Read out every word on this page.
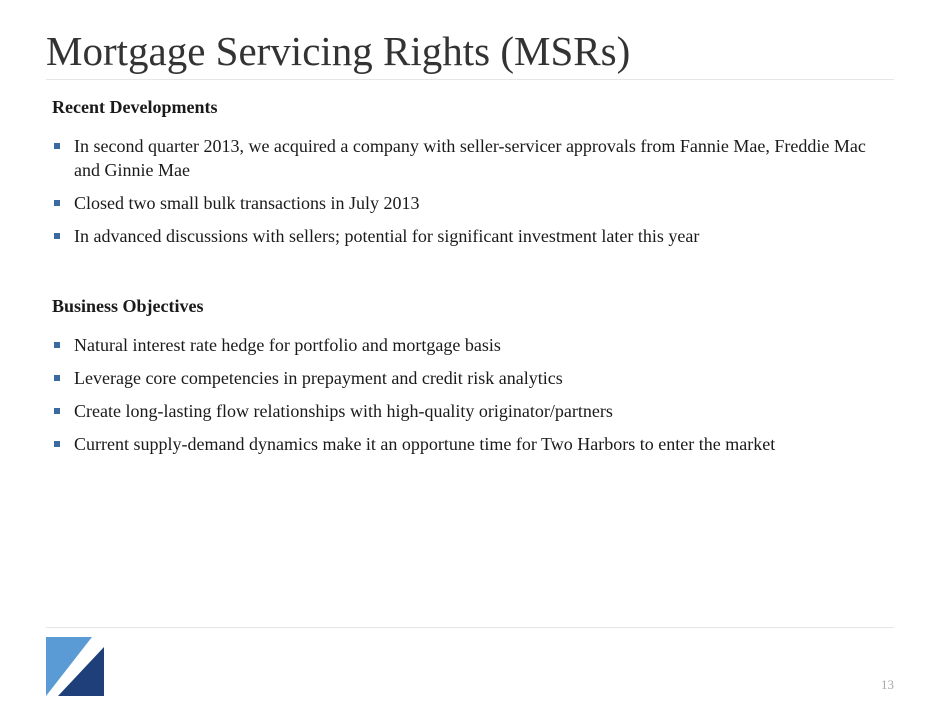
Mortgage Servicing Rights (MSRs)
Recent Developments
In second quarter 2013, we acquired a company with seller-servicer approvals from Fannie Mae, Freddie Mac and Ginnie Mae
Closed two small bulk transactions in July 2013
In advanced discussions with sellers; potential for significant investment later this year
Business Objectives
Natural interest rate hedge for portfolio and mortgage basis
Leverage core competencies in prepayment and credit risk analytics
Create long-lasting flow relationships with high-quality originator/partners
Current supply-demand dynamics make it an opportune time for Two Harbors to enter the market
13
